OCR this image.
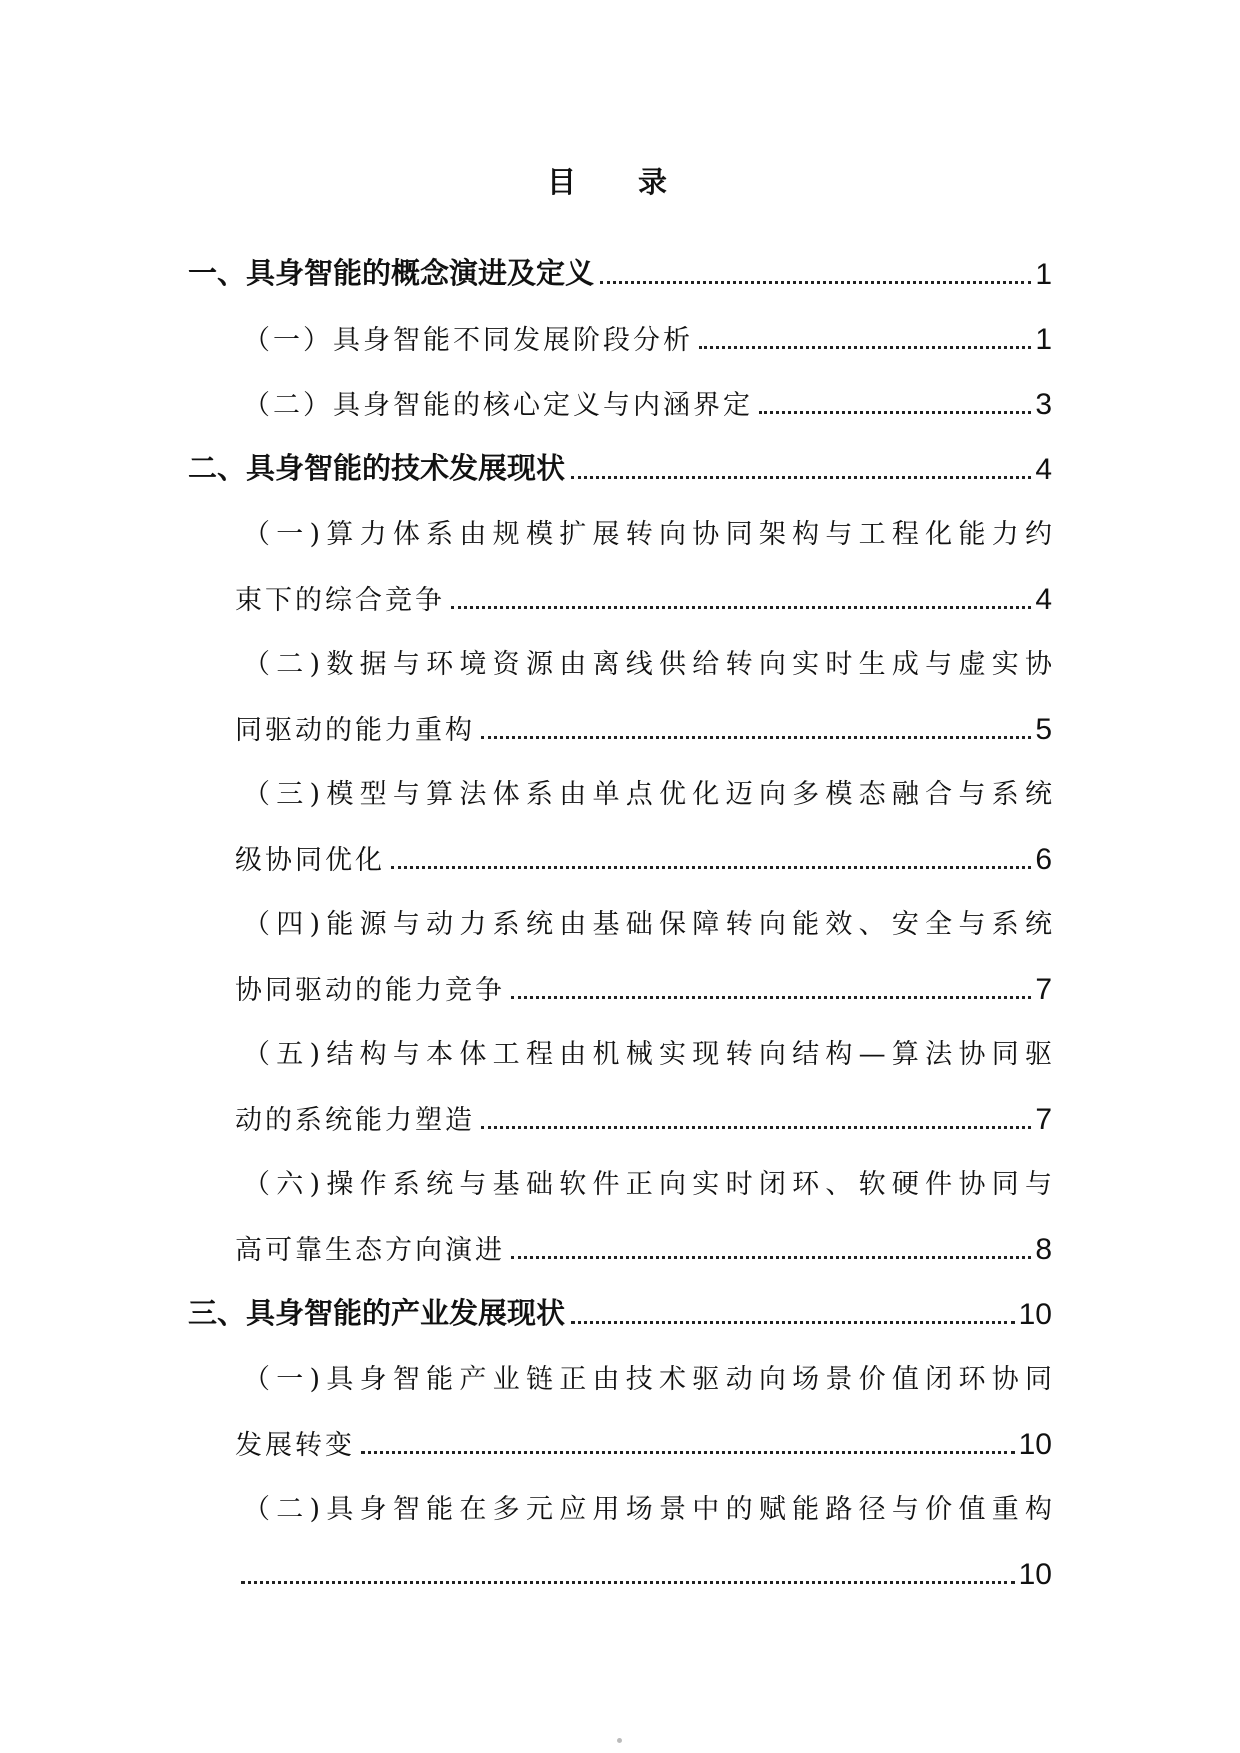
目 录
一、具身智能的概念演进及定义	1
（一）具身智能不同发展阶段分析	1
（二）具身智能的核心定义与内涵界定	3
二、具身智能的技术发展现状	4
（一)算力体系由规模扩展转向协同架构与工程化能力约
束下的综合竞争	4
（二)数据与环境资源由离线供给转向实时生成与虚实协
同驱动的能力重构	5
（三)模型与算法体系由单点优化迈向多模态融合与系统
级协同优化	6
（四)能源与动力系统由基础保障转向能效、安全与系统
协同驱动的能力竞争	7
（五)结构与本体工程由机械实现转向结构—算法协同驱
动的系统能力塑造	7
（六)操作系统与基础软件正向实时闭环、软硬件协同与
高可靠生态方向演进	8
三、具身智能的产业发展现状	10
（一)具身智能产业链正由技术驱动向场景价值闭环协同
发展转变	10
（二)具身智能在多元应用场景中的赋能路径与价值重构
10
